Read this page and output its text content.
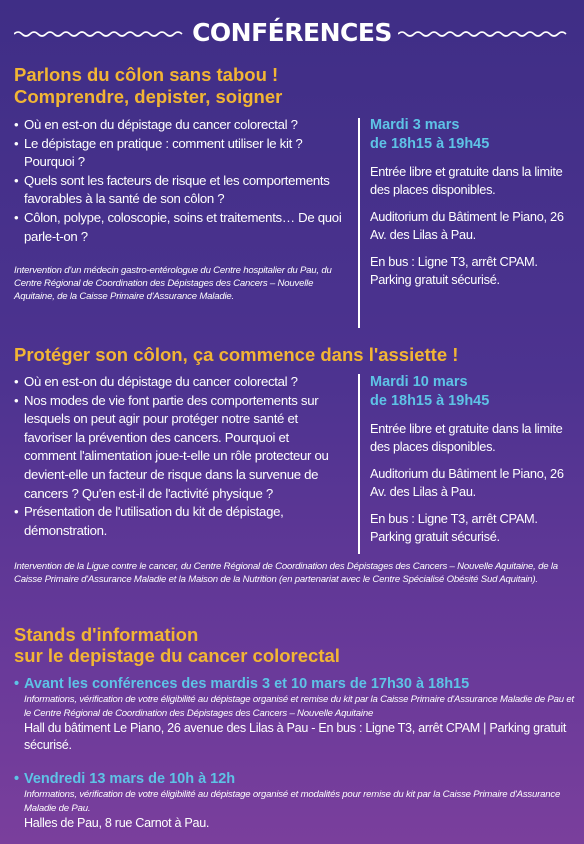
CONFÉRENCES
Parlons du côlon sans tabou !
Comprendre, depister, soigner
• Où en est-on du dépistage du cancer colorectal ?
• Le dépistage en pratique : comment utiliser le kit ? Pourquoi ?
• Quels sont les facteurs de risque et les comportements favorables à la santé de son côlon ?
• Côlon, polype, coloscopie, soins et traitements… De quoi parle-t-on ?
Intervention d'un médecin gastro-entérologue du Centre hospitalier du Pau, du Centre Régional de Coordination des Dépistages des Cancers – Nouvelle Aquitaine, de la Caisse Primaire d'Assurance Maladie.
Mardi 3 mars
de 18h15 à 19h45

Entrée libre et gratuite dans la limite des places disponibles.

Auditorium du Bâtiment le Piano, 26 Av. des Lilas à Pau.

En bus : Ligne T3, arrêt CPAM. Parking gratuit sécurisé.

Protéger son côlon, ça commence dans l'assiette !
• Où en est-on du dépistage du cancer colorectal ?
• Nos modes de vie font partie des comportements sur lesquels on peut agir pour protéger notre santé et favoriser la prévention des cancers. Pourquoi et comment l'alimentation joue-t-elle un rôle protecteur ou devient-elle un facteur de risque dans la survenue de cancers ? Qu'en est-il de l'activité physique ?
• Présentation de l'utilisation du kit de dépistage, démonstration.
Mardi 10 mars
de 18h15 à 19h45

Entrée libre et gratuite dans la limite des places disponibles.

Auditorium du Bâtiment le Piano, 26 Av. des Lilas à Pau.

En bus : Ligne T3, arrêt CPAM. Parking gratuit sécurisé.

Intervention de la Ligue contre le cancer, du Centre Régional de Coordination des Dépistages des Cancers – Nouvelle Aquitaine, de la Caisse Primaire d'Assurance Maladie et la Maison de la Nutrition (en partenariat avec le Centre Spécialisé Obésité Sud Aquitain).
Stands d'information
sur le depistage du cancer colorectal
• Avant les conférences des mardis 3 et 10 mars de 17h30 à 18h15
Informations, vérification de votre éligibilité au dépistage organisé et remise du kit par la Caisse Primaire d'Assurance Maladie de Pau et le Centre Régional de Coordination des Dépistages des Cancers – Nouvelle Aquitaine
Hall du bâtiment Le Piano, 26 avenue des Lilas à Pau - En bus : Ligne T3, arrêt CPAM | Parking gratuit sécurisé.
• Vendredi 13 mars de 10h à 12h
Informations, vérification de votre éligibilité au dépistage organisé et modalités pour remise du kit par la Caisse Primaire d'Assurance Maladie de Pau.
Halles de Pau, 8 rue Carnot à Pau.
